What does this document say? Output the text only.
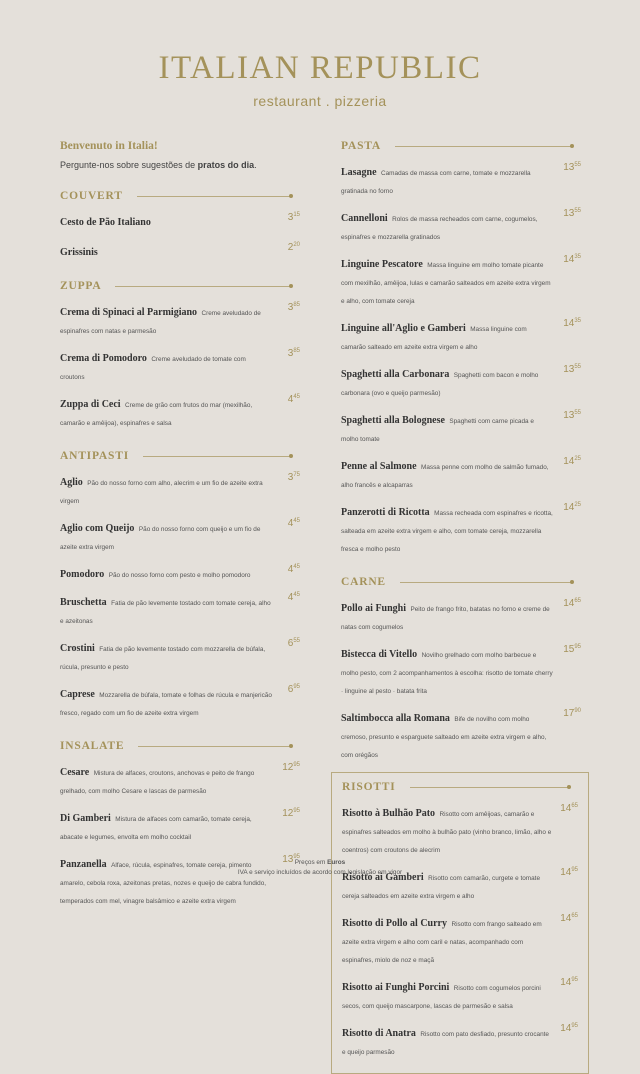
ITALIAN REPUBLIC
restaurant . pizzeria
Benvenuto in Italia!
Pergunte-nos sobre sugestões de pratos do dia.
COUVERT
Cesto de Pão Italiano	$3^{15}$
Grissinis	$2^{20}$
ZUPPA
Crema di Spinaci al Parmigiano Creme aveludado de espinafres com natas e parmesão
$3^{85}$
Crema di Pomodoro Creme aveludado de tomate com croutons
$3^{85}$
Zuppa di Ceci Creme de grão com frutos do mar (mexilhão, camarão e amêijoa), espinafres e salsa
$4^{45}$
ANTIPASTI
Aglio Pão do nosso forno com alho, alecrim e um fio de azeite extra virgem
$3^{75}$
Aglio com Queijo Pão do nosso forno com queijo e um fio de azeite extra virgem
$4^{45}$
Pomodoro Pão do nosso forno com pesto e molho pomodoro
$4^{45}$
Bruschetta Fatia de pão levemente tostado com tomate cereja, alho e azeitonas
$4^{45}$
Crostini Fatia de pão levemente tostado com mozzarella de búfala, rúcula, presunto e pesto
$6^{55}$
Caprese Mozzarella de búfala, tomate e folhas de rúcula e manjericão fresco, regado com um fio de azeite extra virgem
$6^{95}$
INSALATE
Cesare Mistura de alfaces, croutons, anchovas e peito de frango grelhado, com molho Cesare e lascas de parmesão
$12^{95}$
Di Gamberi Mistura de alfaces com camarão, tomate cereja, abacate e legumes, envolta em molho cocktail
$12^{95}$
Panzanella Alface, rúcula, espinafres, tomate cereja, pimento amarelo, cebola roxa, azeitonas pretas, nozes e queijo de cabra fundido, temperados com mel, vinagre balsâmico e azeite extra virgem
$13^{95}$
PASTA
Lasagne Camadas de massa com carne, tomate e mozzarella gratinada no forno
$13^{55}$
Cannelloni Rolos de massa recheados com carne, cogumelos, espinafres e mozzarella gratinados
$13^{55}$
Linguine Pescatore Massa linguine em molho tomate picante com mexilhão, amêijoa, lulas e camarão salteados em azeite extra virgem e alho, com tomate cereja
$14^{35}$
Linguine all'Aglio e Gamberi Massa linguine com camarão salteado em azeite extra virgem e alho
$14^{35}$
Spaghetti alla Carbonara Spaghetti com bacon e molho carbonara (ovo e queijo parmesão)
$13^{55}$
Spaghetti alla Bolognese Spaghetti com carne picada e molho tomate
$13^{55}$
Penne al Salmone Massa penne com molho de salmão fumado, alho francês e alcaparras
$14^{25}$
Panzerotti di Ricotta Massa recheada com espinafres e ricotta, salteada em azeite extra virgem e alho, com tomate cereja, mozzarella fresca e molho pesto
$14^{25}$
CARNE
Pollo ai Funghi Peito de frango frito, batatas no forno e creme de natas com cogumelos
$14^{65}$
Bistecca di Vitello Novilho grelhado com molho barbecue e molho pesto, com 2 acompanhamentos à escolha: risotto de tomate cherry · linguine al pesto · batata frita
$15^{95}$
Saltimbocca alla Romana Bife de novilho com molho cremoso, presunto e esparguete salteado em azeite extra virgem e alho, com orégãos
$17^{90}$
RISOTTI
Risotto à Bulhão Pato Risotto com amêijoas, camarão e espinafres salteados em molho à bulhão pato (vinho branco, limão, alho e coentros) com croutons de alecrim
$14^{65}$
Risotto ai Gamberi Risotto com camarão, curgete e tomate cereja salteados em azeite extra virgem e alho
$14^{95}$
Risotto di Pollo al Curry Risotto com frango salteado em azeite extra virgem e alho com caril e natas, acompanhado com espinafres, miolo de noz e maçã
$14^{65}$
Risotto ai Funghi Porcini Risotto com cogumelos porcini secos, com queijo mascarpone, lascas de parmesão e salsa
$14^{95}$
Risotto di Anatra Risotto com pato desfiado, presunto crocante e queijo parmesão
$14^{95}$
Preços em Euros
IVA e serviço incluídos de acordo com legislação em vigor
